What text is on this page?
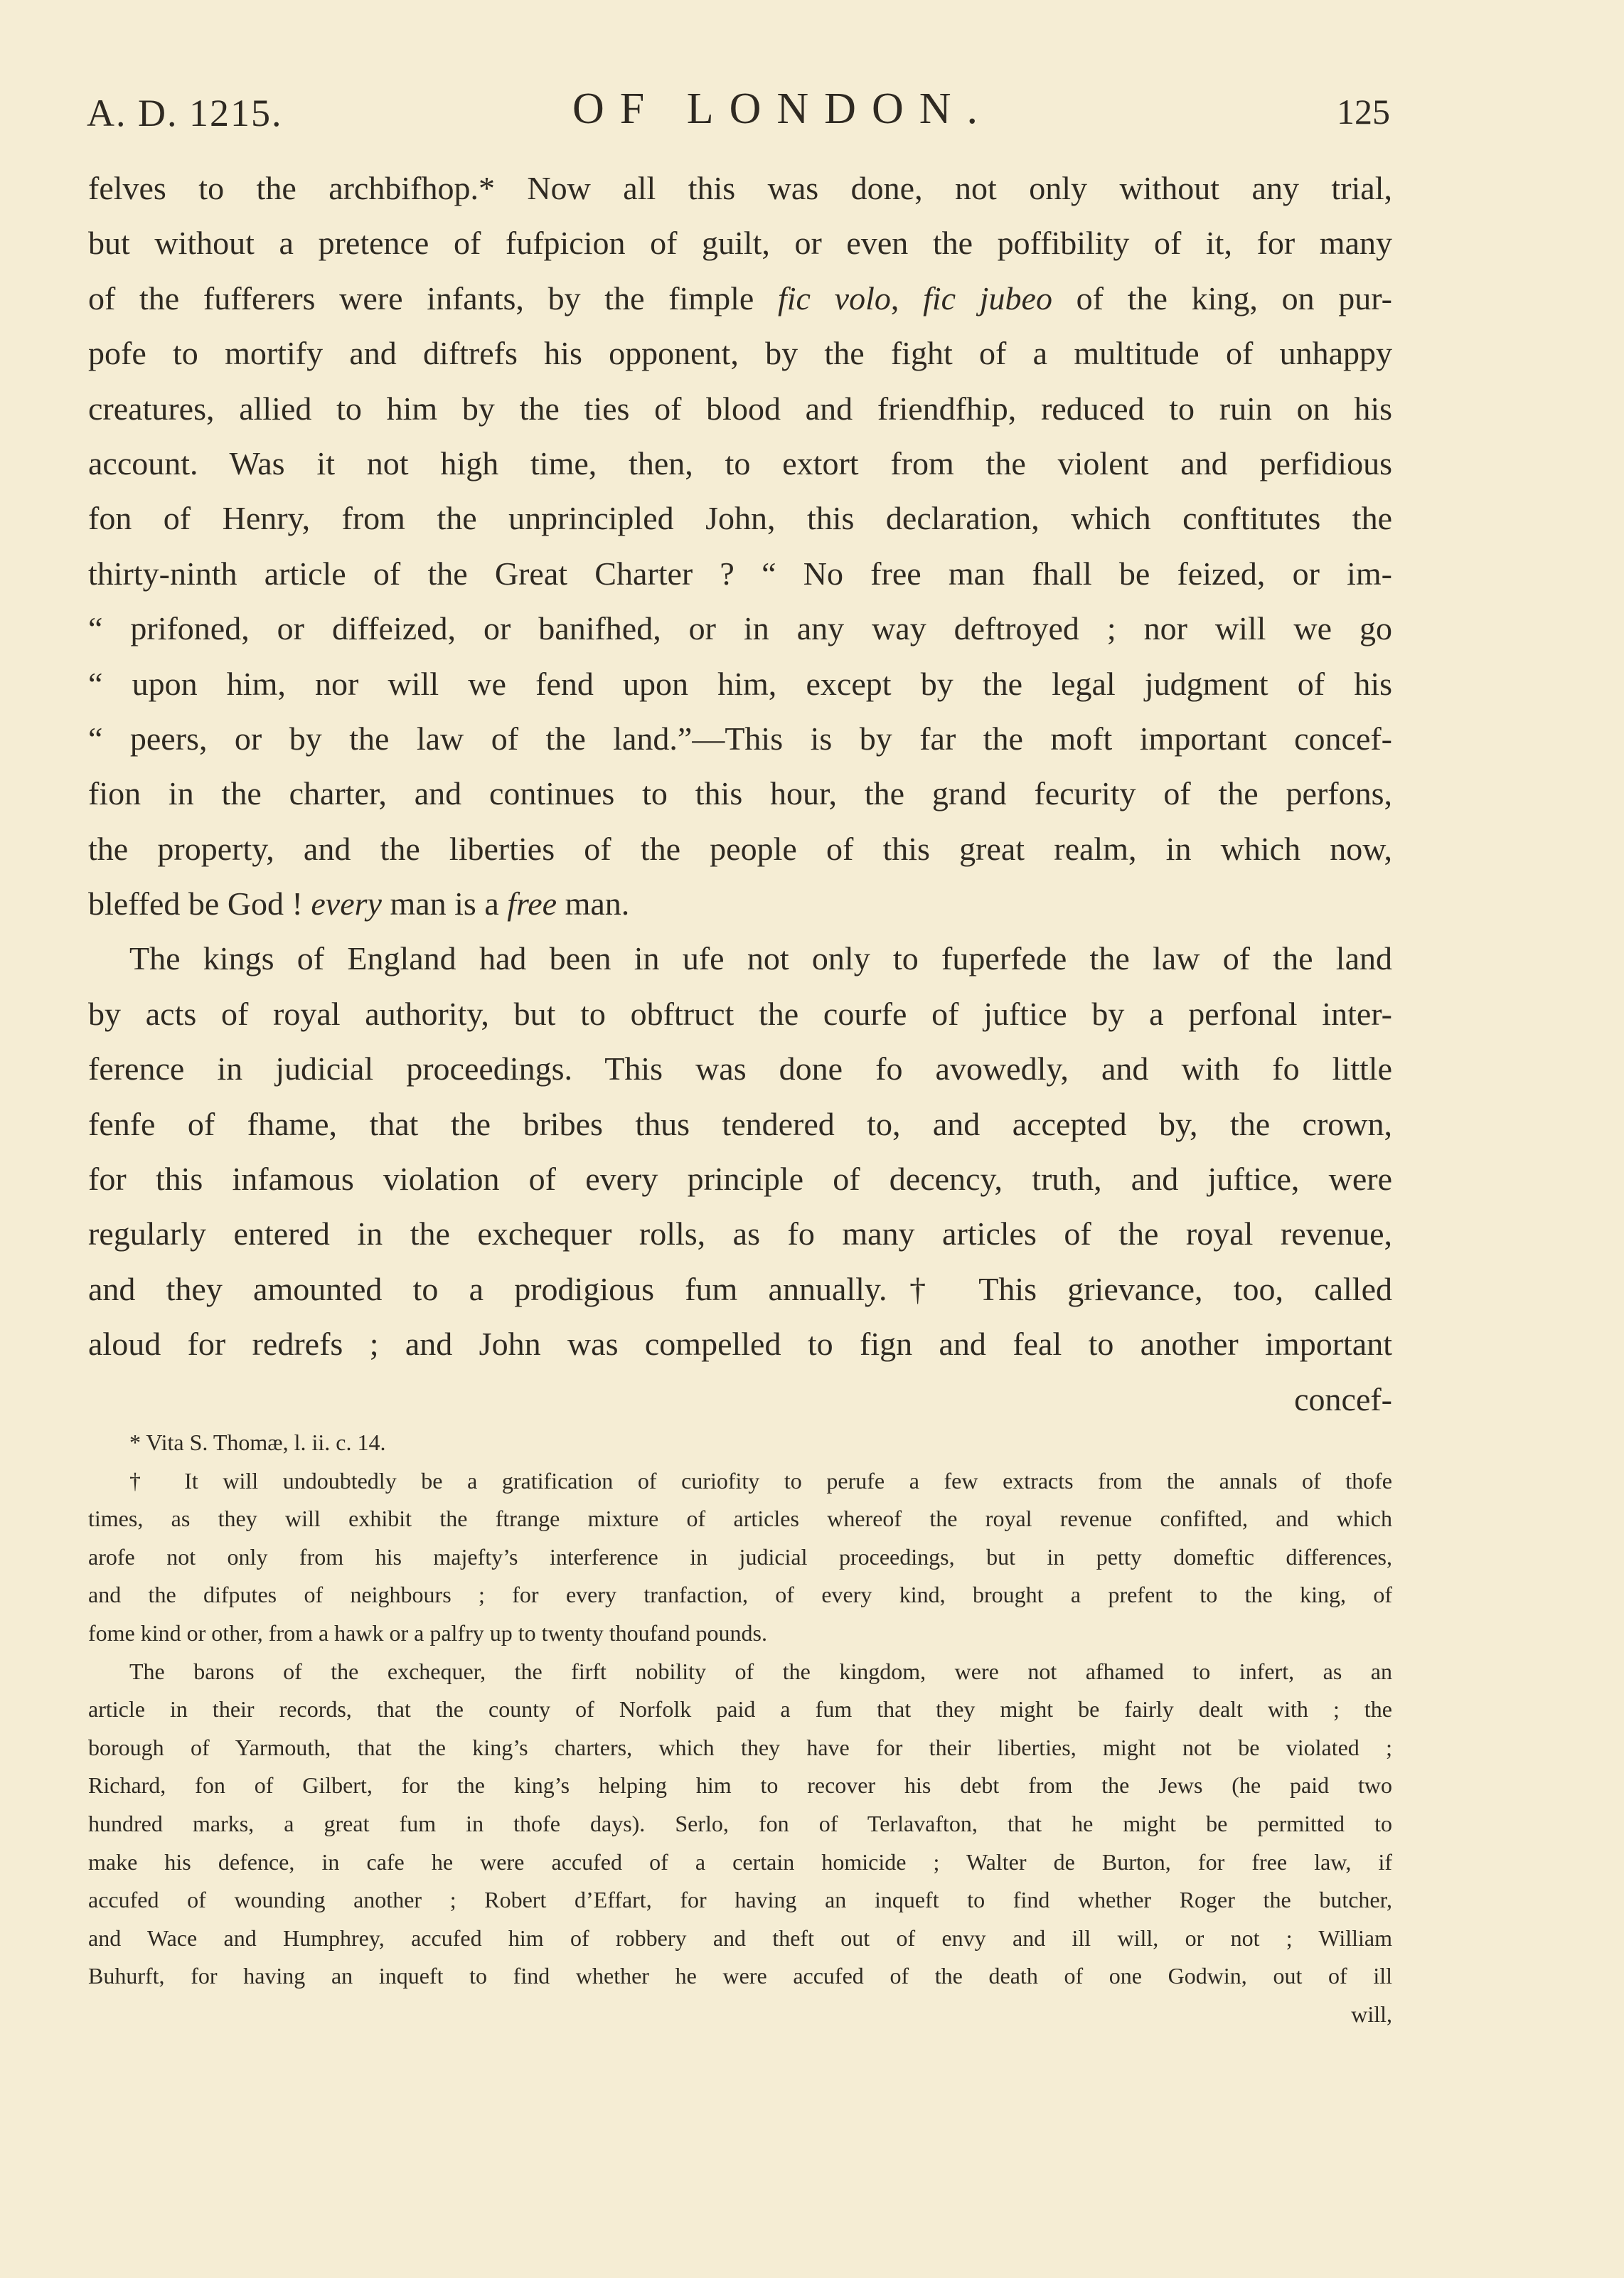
A. D. 1215.	OF LONDON.	125
felves to the archbifhop.* Now all this was done, not only without any trial,
but without a pretence of fufpicion of guilt, or even the poffibility of it, for many
of the fufferers were infants, by the fimple fic volo, fic jubeo of the king, on pur-
pofe to mortify and diftrefs his opponent, by the fight of a multitude of unhappy
creatures, allied to him by the ties of blood and friendfhip, reduced to ruin on his
account. Was it not high time, then, to extort from the violent and perfidious
fon of Henry, from the unprincipled John, this declaration, which conftitutes the
thirty-ninth article of the Great Charter ? “ No free man fhall be feized, or im-
“ prifoned, or diffeized, or banifhed, or in any way deftroyed ; nor will we go
“ upon him, nor will we fend upon him, except by the legal judgment of his
“ peers, or by the law of the land.”—This is by far the moft important concef-
fion in the charter, and continues to this hour, the grand fecurity of the perfons,
the property, and the liberties of the people of this great realm, in which now,
bleffed be God ! every man is a free man.
The kings of England had been in ufe not only to fuperfede the law of the land
by acts of royal authority, but to obftruct the courfe of juftice by a perfonal inter-
ference in judicial proceedings. This was done fo avowedly, and with fo little
fenfe of fhame, that the bribes thus tendered to, and accepted by, the crown,
for this infamous violation of every principle of decency, truth, and juftice, were
regularly entered in the exchequer rolls, as fo many articles of the royal revenue,
and they amounted to a prodigious fum annually.† This grievance, too, called
aloud for redrefs ; and John was compelled to fign and feal to another important
concef-
* Vita S. Thomæ, l. ii. c. 14.
† It will undoubtedly be a gratification of curiofity to perufe a few extracts from the annals of thofe
times, as they will exhibit the ftrange mixture of articles whereof the royal revenue confifted, and which
arofe not only from his majefty’s interference in judicial proceedings, but in petty domeftic differences,
and the difputes of neighbours ; for every tranfaction, of every kind, brought a prefent to the king, of
fome kind or other, from a hawk or a palfry up to twenty thoufand pounds.
The barons of the exchequer, the firft nobility of the kingdom, were not afhamed to infert, as an
article in their records, that the county of Norfolk paid a fum that they might be fairly dealt with ; the
borough of Yarmouth, that the king’s charters, which they have for their liberties, might not be violated ;
Richard, fon of Gilbert, for the king’s helping him to recover his debt from the Jews (he paid two
hundred marks, a great fum in thofe days). Serlo, fon of Terlavafton, that he might be permitted to
make his defence, in cafe he were accufed of a certain homicide ; Walter de Burton, for free law, if
accufed of wounding another ; Robert d’Effart, for having an inqueft to find whether Roger the butcher,
and Wace and Humphrey, accufed him of robbery and theft out of envy and ill will, or not ; William
Buhurft, for having an inqueft to find whether he were accufed of the death of one Godwin, out of ill
will,
